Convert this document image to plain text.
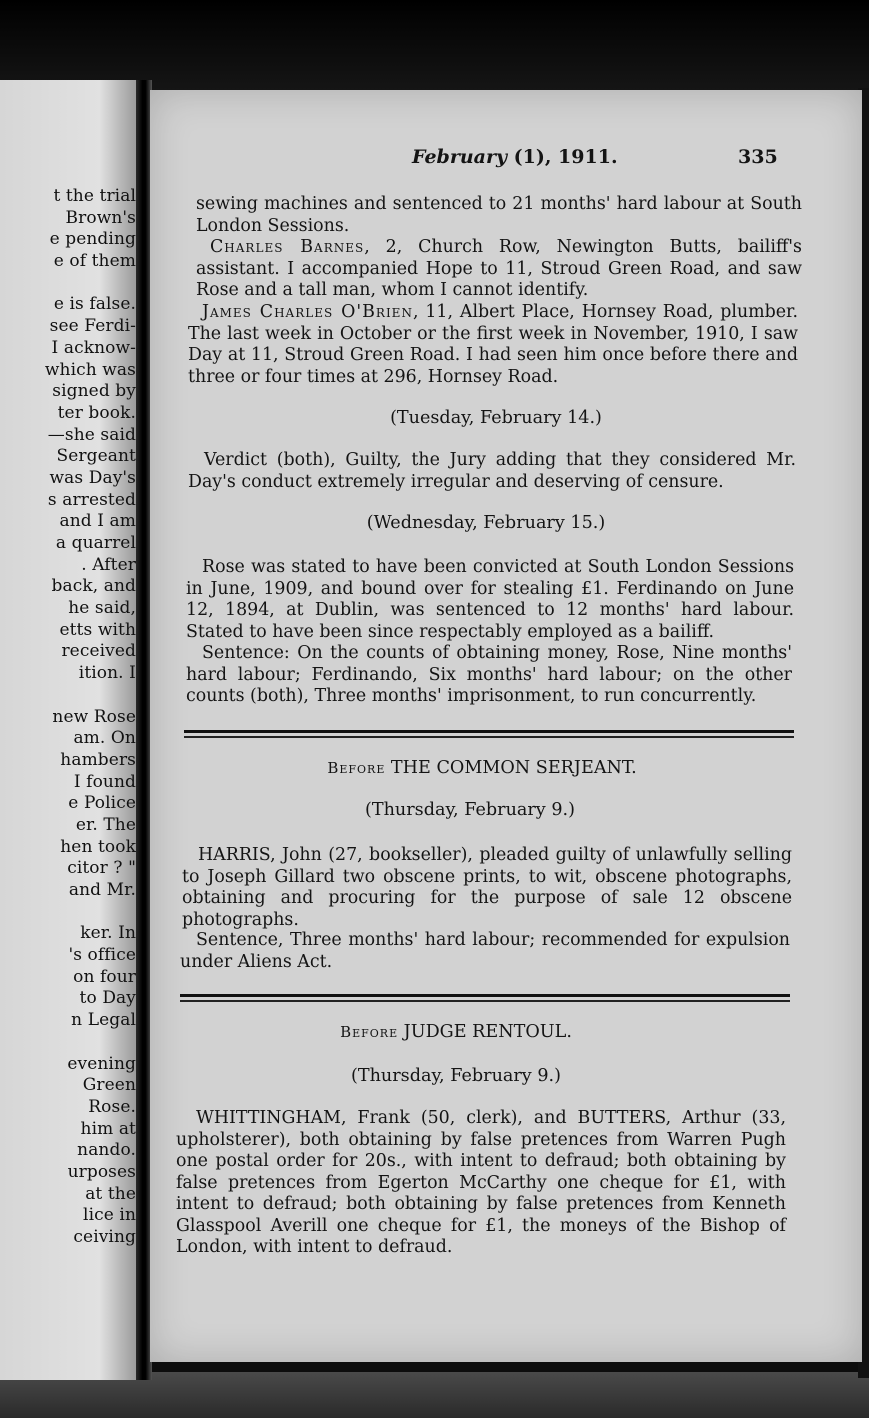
t the trial
Brown's
e pending
e of them

e is false.
see Ferdi-
I acknow-
which was
signed by
ter book.
—she said
Sergeant
was Day's
s arrested
and I am
a quarrel
. After
back, and
he said,
etts with
received
ition. I

new Rose
am. On
hambers
I found
e Police
er. The
hen took
citor ? "
and Mr.

ker. In
's office
on four
to Day
n Legal

evening
Green
Rose.
him at
nando.
urposes
at the
lice in
ceiving
February (1), 1911.	335
sewing machines and sentenced to 21 months' hard labour at South London Sessions.
Charles Barnes, 2, Church Row, Newington Butts, bailiff's assistant. I accompanied Hope to 11, Stroud Green Road, and saw Rose and a tall man, whom I cannot identify.
James Charles O'Brien, 11, Albert Place, Hornsey Road, plumber. The last week in October or the first week in November, 1910, I saw Day at 11, Stroud Green Road. I had seen him once before there and three or four times at 296, Hornsey Road.
(Tuesday, February 14.)
Verdict (both), Guilty, the Jury adding that they considered Mr. Day's conduct extremely irregular and deserving of censure.
(Wednesday, February 15.)
Rose was stated to have been convicted at South London Sessions in June, 1909, and bound over for stealing £1. Ferdinando on June 12, 1894, at Dublin, was sentenced to 12 months' hard labour. Stated to have been since respectably employed as a bailiff.
Sentence: On the counts of obtaining money, Rose, Nine months' hard labour; Ferdinando, Six months' hard labour; on the other counts (both), Three months' imprisonment, to run concurrently.
Before THE COMMON SERJEANT.
(Thursday, February 9.)
HARRIS, John (27, bookseller), pleaded guilty of unlawfully selling to Joseph Gillard two obscene prints, to wit, obscene photographs, obtaining and procuring for the purpose of sale 12 obscene photographs.
Sentence, Three months' hard labour; recommended for expulsion under Aliens Act.
Before JUDGE RENTOUL.
(Thursday, February 9.)
WHITTINGHAM, Frank (50, clerk), and BUTTERS, Arthur (33, upholsterer), both obtaining by false pretences from Warren Pugh one postal order for 20s., with intent to defraud; both obtaining by false pretences from Egerton McCarthy one cheque for £1, with intent to defraud; both obtaining by false pretences from Kenneth Glasspool Averill one cheque for £1, the moneys of the Bishop of London, with intent to defraud.
